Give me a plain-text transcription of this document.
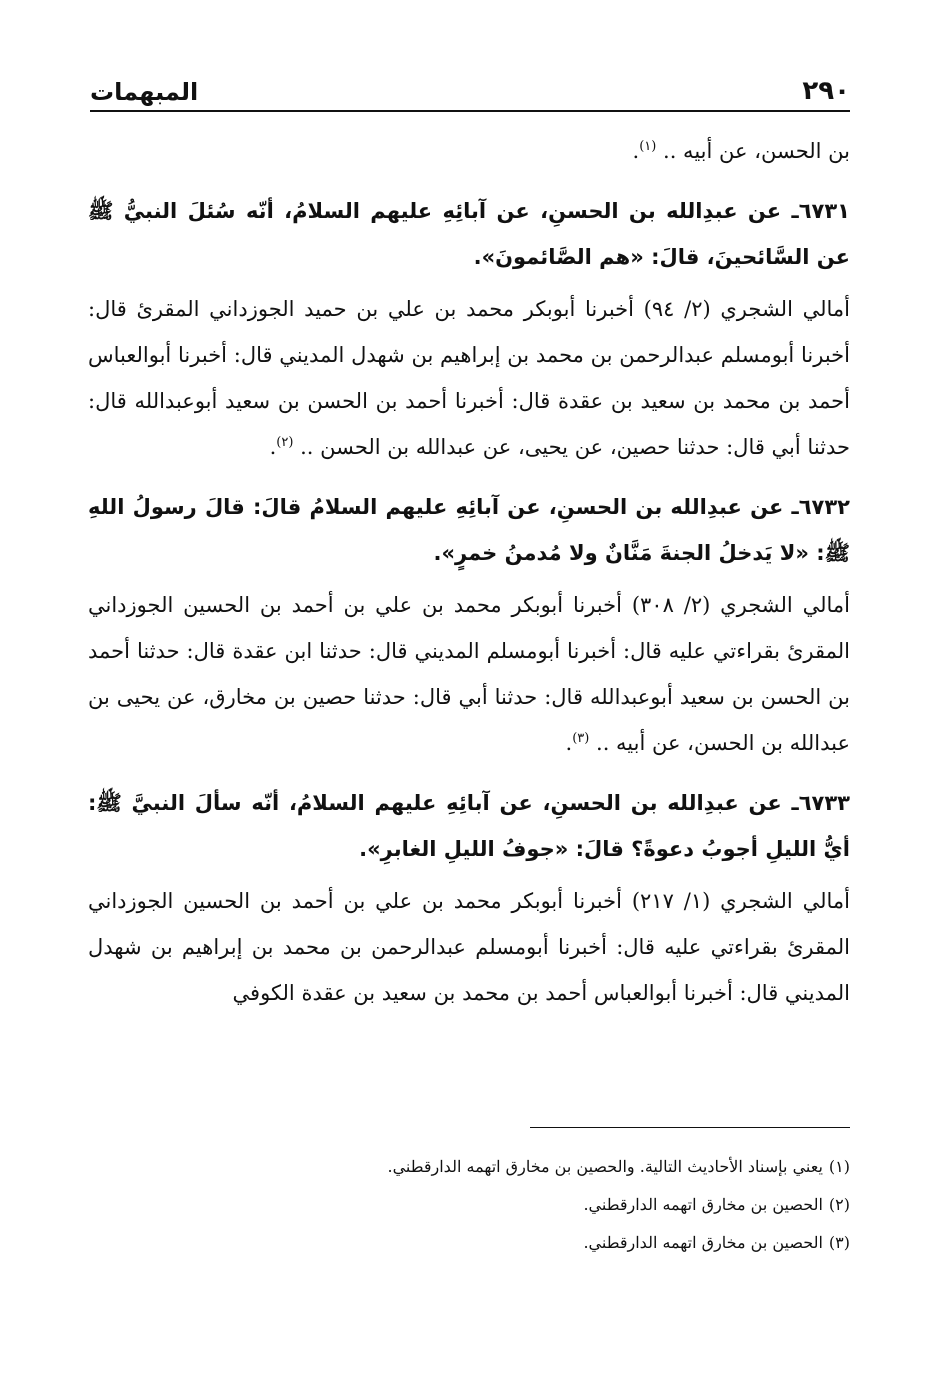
٢٩٠
المبهمات

بن الحسن، عن أبيه .. $^{(١)}$.

٦٧٣١ـ عن عبدِالله بن الحسنِ، عن آبائِهِ عليهم السلامُ، أنّه سُئلَ النبيُّ ﷺ عن السَّائحينَ، قالَ: «هم الصَّائمونَ».

أمالي الشجري (٢/ ٩٤) أخبرنا أبوبكر محمد بن علي بن حميد الجوزداني المقرئ قال: أخبرنا أبومسلم عبدالرحمن بن محمد بن إبراهيم بن شهدل المديني قال: أخبرنا أبوالعباس أحمد بن محمد بن سعيد بن عقدة قال: أخبرنا أحمد بن الحسن بن سعيد أبوعبدالله قال: حدثنا أبي قال: حدثنا حصين، عن يحيى، عن عبدالله بن الحسن .. $^{(٢)}$.

٦٧٣٢ـ عن عبدِالله بن الحسنِ، عن آبائِهِ عليهم السلامُ قالَ: قالَ رسولُ اللهِ ﷺ: «لا يَدخلُ الجنةَ مَنَّانٌ ولا مُدمنُ خمرٍ».

أمالي الشجري (٢/ ٣٠٨) أخبرنا أبوبكر محمد بن علي بن أحمد بن الحسين الجوزداني المقرئ بقراءتي عليه قال: أخبرنا أبومسلم المديني قال: حدثنا ابن عقدة قال: حدثنا أحمد بن الحسن بن سعيد أبوعبدالله قال: حدثنا أبي قال: حدثنا حصين بن مخارق، عن يحيى بن عبدالله بن الحسن، عن أبيه .. $^{(٣)}$.

٦٧٣٣ـ عن عبدِالله بن الحسنِ، عن آبائِهِ عليهم السلامُ، أنّه سألَ النبيَّ ﷺ: أيُّ الليلِ أجوبُ دعوةً؟ قالَ: «جوفُ الليلِ الغابرِ».

أمالي الشجري (١/ ٢١٧) أخبرنا أبوبكر محمد بن علي بن أحمد بن الحسين الجوزداني المقرئ بقراءتي عليه قال: أخبرنا أبومسلم عبدالرحمن بن محمد بن إبراهيم بن شهدل المديني قال: أخبرنا أبوالعباس أحمد بن محمد بن سعيد بن عقدة الكوفي

(١)يعني بإسناد الأحاديث التالية. والحصين بن مخارق اتهمه الدارقطني.

(٢)الحصين بن مخارق اتهمه الدارقطني.

(٣)الحصين بن مخارق اتهمه الدارقطني.
